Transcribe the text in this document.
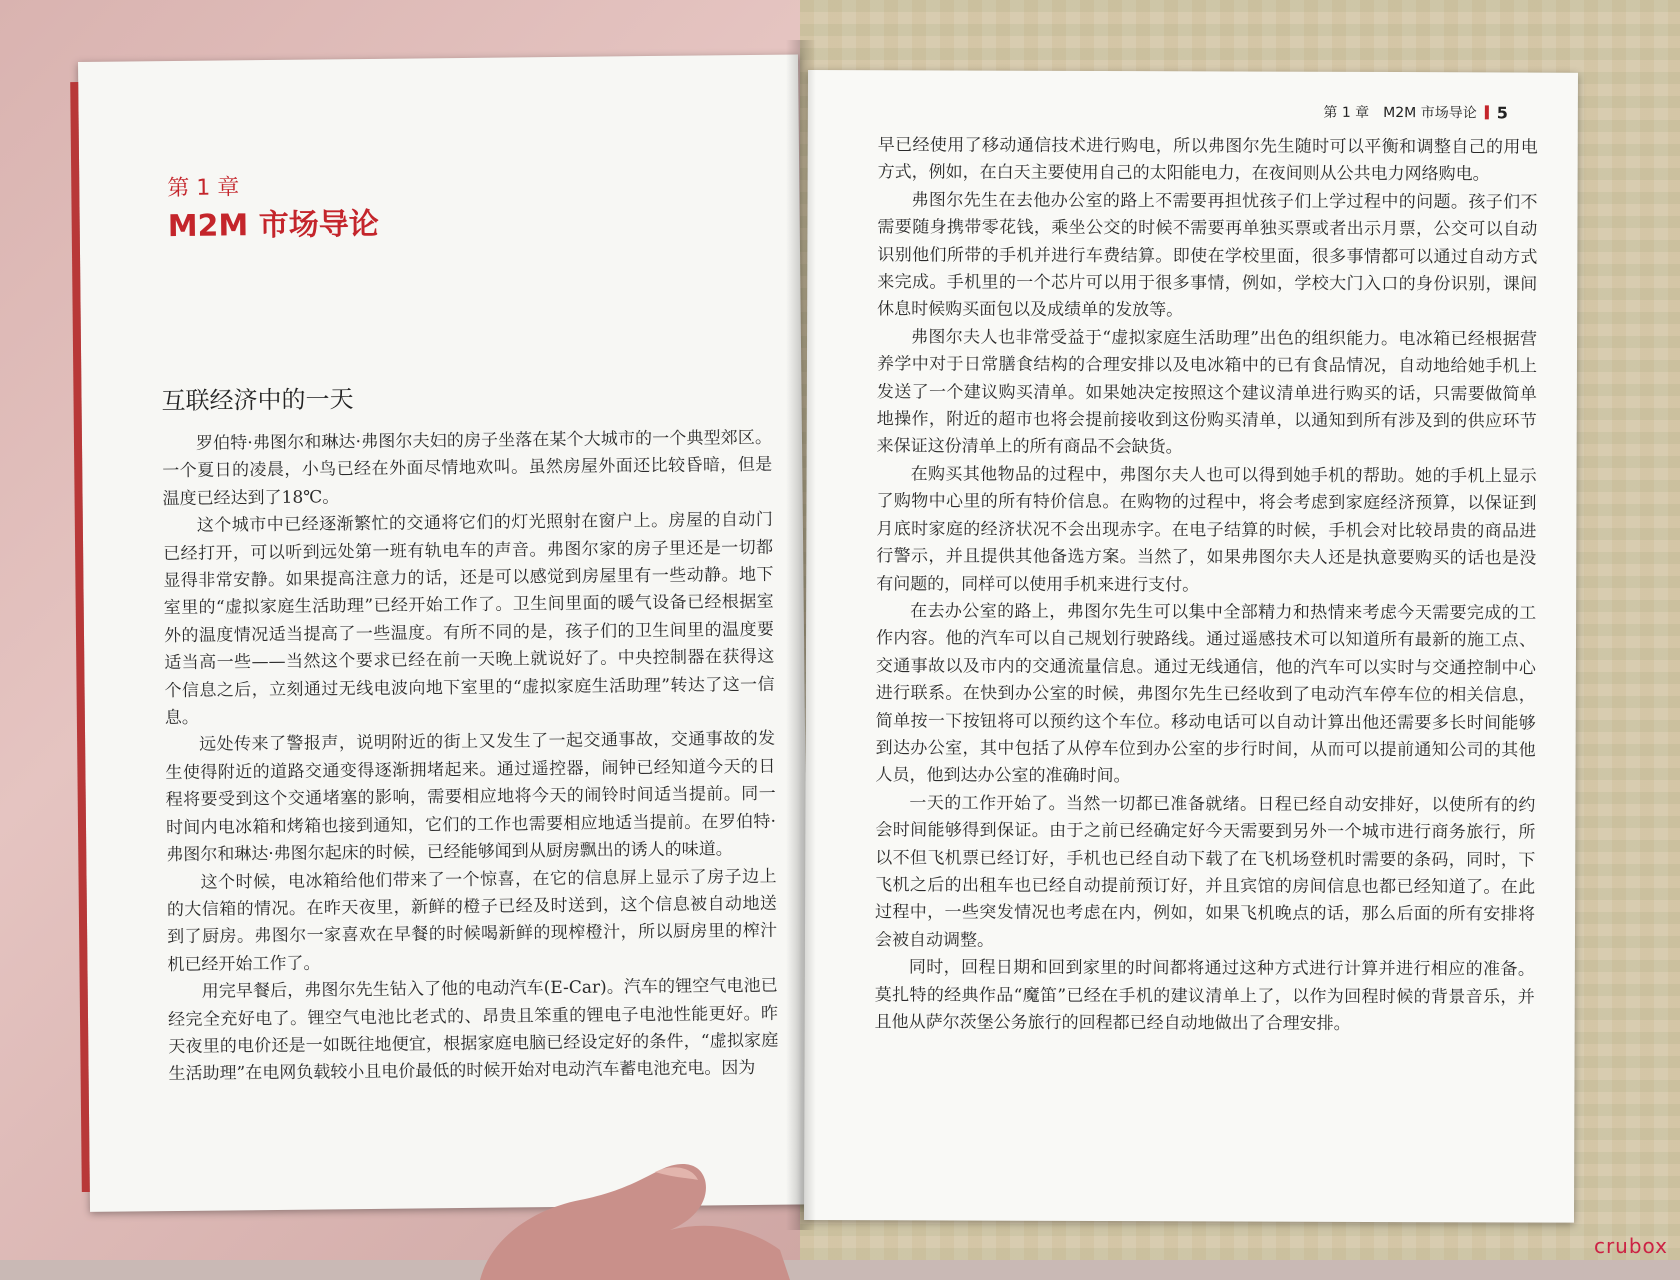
第 1 章
M2M 市场导论
互联经济中的一天

罗伯特·弗图尔和琳达·弗图尔夫妇的房子坐落在某个大城市的一个典型郊区。一个夏日的凌晨，小鸟已经在外面尽情地欢叫。虽然房屋外面还比较昏暗，但是温度已经达到了18℃。

这个城市中已经逐渐繁忙的交通将它们的灯光照射在窗户上。房屋的自动门已经打开，可以听到远处第一班有轨电车的声音。弗图尔家的房子里还是一切都显得非常安静。如果提高注意力的话，还是可以感觉到房屋里有一些动静。地下室里的“虚拟家庭生活助理”已经开始工作了。卫生间里面的暖气设备已经根据室外的温度情况适当提高了一些温度。有所不同的是，孩子们的卫生间里的温度要适当高一些——当然这个要求已经在前一天晚上就说好了。中央控制器在获得这个信息之后，立刻通过无线电波向地下室里的“虚拟家庭生活助理”转达了这一信息。

远处传来了警报声，说明附近的街上又发生了一起交通事故，交通事故的发生使得附近的道路交通变得逐渐拥堵起来。通过遥控器，闹钟已经知道今天的日程将要受到这个交通堵塞的影响，需要相应地将今天的闹铃时间适当提前。同一时间内电冰箱和烤箱也接到通知，它们的工作也需要相应地适当提前。在罗伯特·弗图尔和琳达·弗图尔起床的时候，已经能够闻到从厨房飘出的诱人的味道。

这个时候，电冰箱给他们带来了一个惊喜，在它的信息屏上显示了房子边上的大信箱的情况。在昨天夜里，新鲜的橙子已经及时送到，这个信息被自动地送到了厨房。弗图尔一家喜欢在早餐的时候喝新鲜的现榨橙汁，所以厨房里的榨汁机已经开始工作了。

用完早餐后，弗图尔先生钻入了他的电动汽车(E-Car)。汽车的锂空气电池已经完全充好电了。锂空气电池比老式的、昂贵且笨重的锂电子电池性能更好。昨天夜里的电价还是一如既往地便宜，根据家庭电脑已经设定好的条件，“虚拟家庭生活助理”在电网负载较小且电价最低的时候开始对电动汽车蓄电池充电。因为

第 1 章　M2M 市场导论 5

早已经使用了移动通信技术进行购电，所以弗图尔先生随时可以平衡和调整自己的用电方式，例如，在白天主要使用自己的太阳能电力，在夜间则从公共电力网络购电。

弗图尔先生在去他办公室的路上不需要再担忧孩子们上学过程中的问题。孩子们不需要随身携带零花钱，乘坐公交的时候不需要再单独买票或者出示月票，公交可以自动识别他们所带的手机并进行车费结算。即使在学校里面，很多事情都可以通过自动方式来完成。手机里的一个芯片可以用于很多事情，例如，学校大门入口的身份识别，课间休息时候购买面包以及成绩单的发放等。

弗图尔夫人也非常受益于“虚拟家庭生活助理”出色的组织能力。电冰箱已经根据营养学中对于日常膳食结构的合理安排以及电冰箱中的已有食品情况，自动地给她手机上发送了一个建议购买清单。如果她决定按照这个建议清单进行购买的话，只需要做简单地操作，附近的超市也将会提前接收到这份购买清单，以通知到所有涉及到的供应环节来保证这份清单上的所有商品不会缺货。

在购买其他物品的过程中，弗图尔夫人也可以得到她手机的帮助。她的手机上显示了购物中心里的所有特价信息。在购物的过程中，将会考虑到家庭经济预算，以保证到月底时家庭的经济状况不会出现赤字。在电子结算的时候，手机会对比较昂贵的商品进行警示，并且提供其他备选方案。当然了，如果弗图尔夫人还是执意要购买的话也是没有问题的，同样可以使用手机来进行支付。

在去办公室的路上，弗图尔先生可以集中全部精力和热情来考虑今天需要完成的工作内容。他的汽车可以自己规划行驶路线。通过遥感技术可以知道所有最新的施工点、交通事故以及市内的交通流量信息。通过无线通信，他的汽车可以实时与交通控制中心进行联系。在快到办公室的时候，弗图尔先生已经收到了电动汽车停车位的相关信息，简单按一下按钮将可以预约这个车位。移动电话可以自动计算出他还需要多长时间能够到达办公室，其中包括了从停车位到办公室的步行时间，从而可以提前通知公司的其他人员，他到达办公室的准确时间。

一天的工作开始了。当然一切都已准备就绪。日程已经自动安排好，以使所有的约会时间能够得到保证。由于之前已经确定好今天需要到另外一个城市进行商务旅行，所以不但飞机票已经订好，手机也已经自动下载了在飞机场登机时需要的条码，同时，下飞机之后的出租车也已经自动提前预订好，并且宾馆的房间信息也都已经知道了。在此过程中，一些突发情况也考虑在内，例如，如果飞机晚点的话，那么后面的所有安排将会被自动调整。

同时，回程日期和回到家里的时间都将通过这种方式进行计算并进行相应的准备。莫扎特的经典作品“魔笛”已经在手机的建议清单上了，以作为回程时候的背景音乐，并且他从萨尔茨堡公务旅行的回程都已经自动地做出了合理安排。

crubox
